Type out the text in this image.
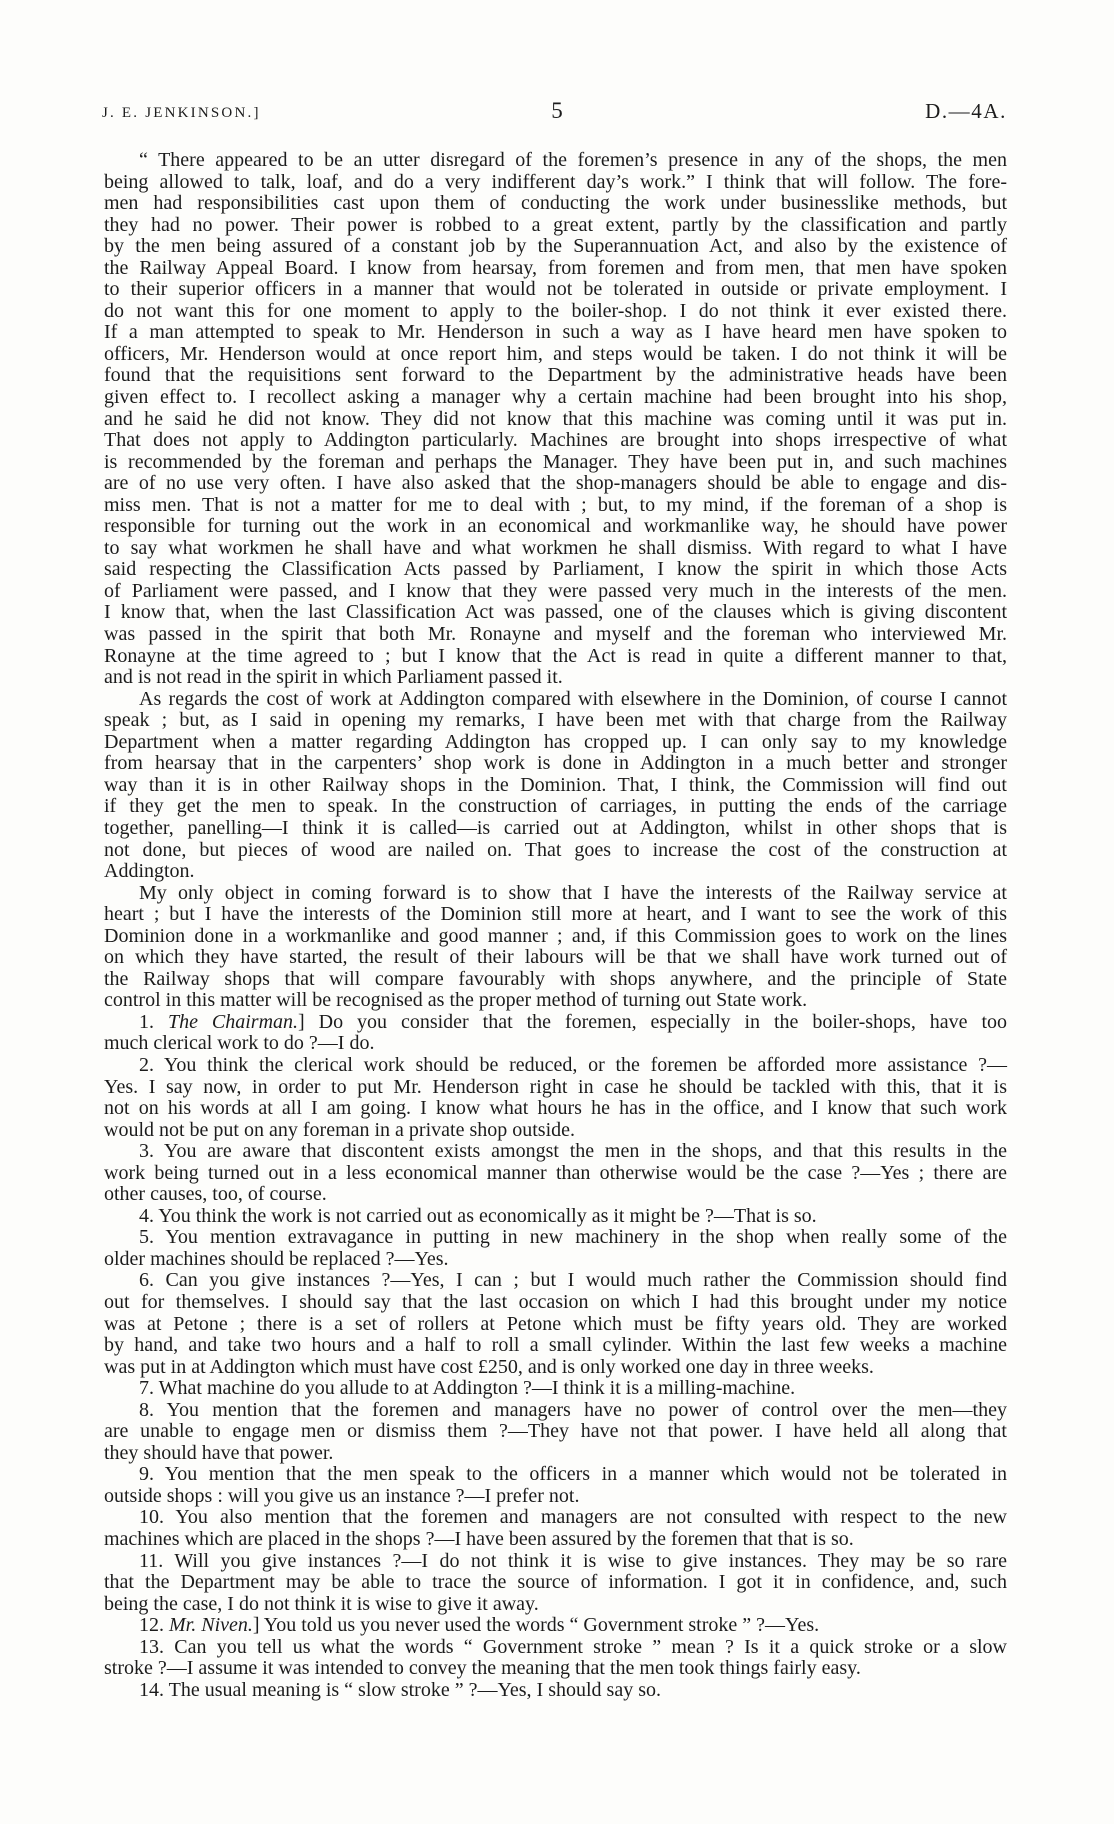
J. E. JENKINSON.]	5	D.—4A.
“ There appeared to be an utter disregard of the foremen’s presence in any of the shops, the men
being allowed to talk, loaf, and do a very indifferent day’s work.” I think that will follow. The fore-
men had responsibilities cast upon them of conducting the work under businesslike methods, but
they had no power. Their power is robbed to a great extent, partly by the classification and partly
by the men being assured of a constant job by the Superannuation Act, and also by the existence of
the Railway Appeal Board. I know from hearsay, from foremen and from men, that men have spoken
to their superior officers in a manner that would not be tolerated in outside or private employment. I
do not want this for one moment to apply to the boiler-shop. I do not think it ever existed there.
If a man attempted to speak to Mr. Henderson in such a way as I have heard men have spoken to
officers, Mr. Henderson would at once report him, and steps would be taken. I do not think it will be
found that the requisitions sent forward to the Department by the administrative heads have been
given effect to. I recollect asking a manager why a certain machine had been brought into his shop,
and he said he did not know. They did not know that this machine was coming until it was put in.
That does not apply to Addington particularly. Machines are brought into shops irrespective of what
is recommended by the foreman and perhaps the Manager. They have been put in, and such machines
are of no use very often. I have also asked that the shop-managers should be able to engage and dis-
miss men. That is not a matter for me to deal with ; but, to my mind, if the foreman of a shop is
responsible for turning out the work in an economical and workmanlike way, he should have power
to say what workmen he shall have and what workmen he shall dismiss. With regard to what I have
said respecting the Classification Acts passed by Parliament, I know the spirit in which those Acts
of Parliament were passed, and I know that they were passed very much in the interests of the men.
I know that, when the last Classification Act was passed, one of the clauses which is giving discontent
was passed in the spirit that both Mr. Ronayne and myself and the foreman who interviewed Mr.
Ronayne at the time agreed to ; but I know that the Act is read in quite a different manner to that,
and is not read in the spirit in which Parliament passed it.
As regards the cost of work at Addington compared with elsewhere in the Dominion, of course I cannot
speak ; but, as I said in opening my remarks, I have been met with that charge from the Railway
Department when a matter regarding Addington has cropped up. I can only say to my knowledge
from hearsay that in the carpenters’ shop work is done in Addington in a much better and stronger
way than it is in other Railway shops in the Dominion. That, I think, the Commission will find out
if they get the men to speak. In the construction of carriages, in putting the ends of the carriage
together, panelling—I think it is called—is carried out at Addington, whilst in other shops that is
not done, but pieces of wood are nailed on. That goes to increase the cost of the construction at
Addington.
My only object in coming forward is to show that I have the interests of the Railway service at
heart ; but I have the interests of the Dominion still more at heart, and I want to see the work of this
Dominion done in a workmanlike and good manner ; and, if this Commission goes to work on the lines
on which they have started, the result of their labours will be that we shall have work turned out of
the Railway shops that will compare favourably with shops anywhere, and the principle of State
control in this matter will be recognised as the proper method of turning out State work.
1. The Chairman.] Do you consider that the foremen, especially in the boiler-shops, have too
much clerical work to do ?—I do.
2. You think the clerical work should be reduced, or the foremen be afforded more assistance ?—
Yes. I say now, in order to put Mr. Henderson right in case he should be tackled with this, that it is
not on his words at all I am going. I know what hours he has in the office, and I know that such work
would not be put on any foreman in a private shop outside.
3. You are aware that discontent exists amongst the men in the shops, and that this results in the
work being turned out in a less economical manner than otherwise would be the case ?—Yes ; there are
other causes, too, of course.
4. You think the work is not carried out as economically as it might be ?—That is so.
5. You mention extravagance in putting in new machinery in the shop when really some of the
older machines should be replaced ?—Yes.
6. Can you give instances ?—Yes, I can ; but I would much rather the Commission should find
out for themselves. I should say that the last occasion on which I had this brought under my notice
was at Petone ; there is a set of rollers at Petone which must be fifty years old. They are worked
by hand, and take two hours and a half to roll a small cylinder. Within the last few weeks a machine
was put in at Addington which must have cost £250, and is only worked one day in three weeks.
7. What machine do you allude to at Addington ?—I think it is a milling-machine.
8. You mention that the foremen and managers have no power of control over the men—they
are unable to engage men or dismiss them ?—They have not that power. I have held all along that
they should have that power.
9. You mention that the men speak to the officers in a manner which would not be tolerated in
outside shops : will you give us an instance ?—I prefer not.
10. You also mention that the foremen and managers are not consulted with respect to the new
machines which are placed in the shops ?—I have been assured by the foremen that that is so.
11. Will you give instances ?—I do not think it is wise to give instances. They may be so rare
that the Department may be able to trace the source of information. I got it in confidence, and, such
being the case, I do not think it is wise to give it away.
12. Mr. Niven.] You told us you never used the words “ Government stroke ” ?—Yes.
13. Can you tell us what the words “ Government stroke ” mean ? Is it a quick stroke or a slow
stroke ?—I assume it was intended to convey the meaning that the men took things fairly easy.
14. The usual meaning is “ slow stroke ” ?—Yes, I should say so.
